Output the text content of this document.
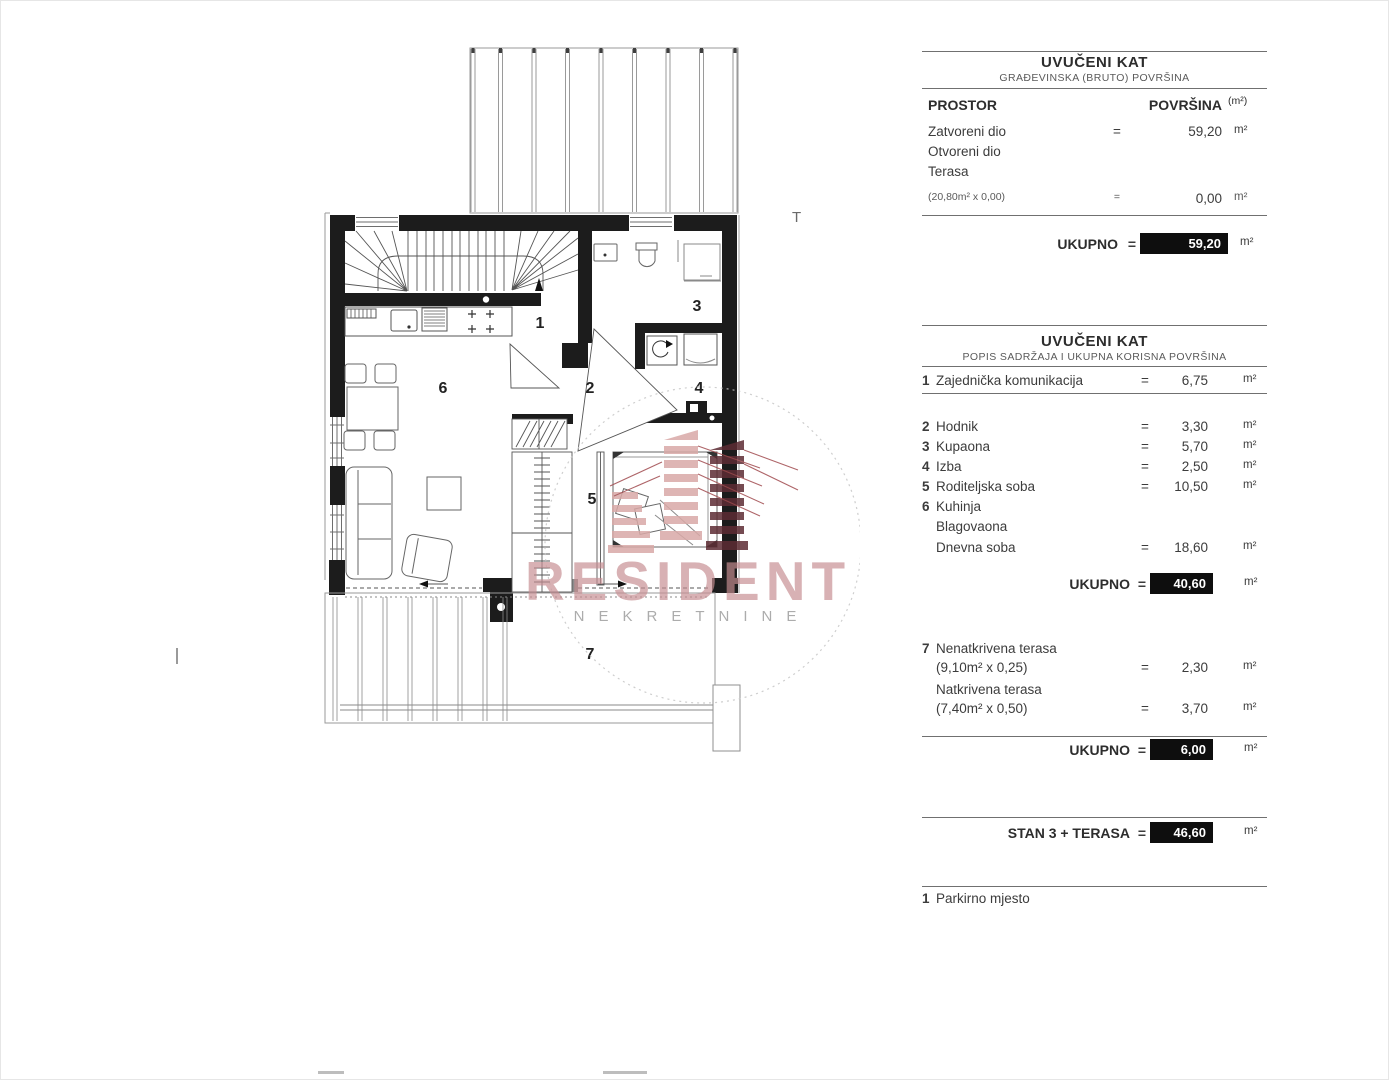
1
2
3
4
5
6
7
T
RESIDENT
NEKRETNINE
UVUČENI KAT
GRAĐEVINSKA (BRUTO) POVRŠINA
PROSTOR	POVRŠINA (m²)
Zatvoreni dio	=	59,20 m²
Otvoreni dio
Terasa
(20,80m² x 0,00)	=	0,00 m²
UKUPNO =	59,20	m²
UVUČENI KAT
POPIS SADRŽAJA I UKUPNA KORISNA POVRŠINA
1 Zajednička komunikacija	=	6,75	m²
2 Hodnik	=	3,30	m²
3 Kupaona	=	5,70	m²
4 Izba	=	2,50	m²
5 Roditeljska soba	=	10,50	m²
6 Kuhinja
Blagovaona
Dnevna soba	=	18,60	m²
UKUPNO =	40,60	m²
7 Nenatkrivena terasa
(9,10m² x 0,25)	=	2,30	m²
Natkrivena terasa
(7,40m² x 0,50)	=	3,70	m²
UKUPNO =	6,00	m²
STAN 3 + TERASA =	46,60	m²
1 Parkirno mjesto
